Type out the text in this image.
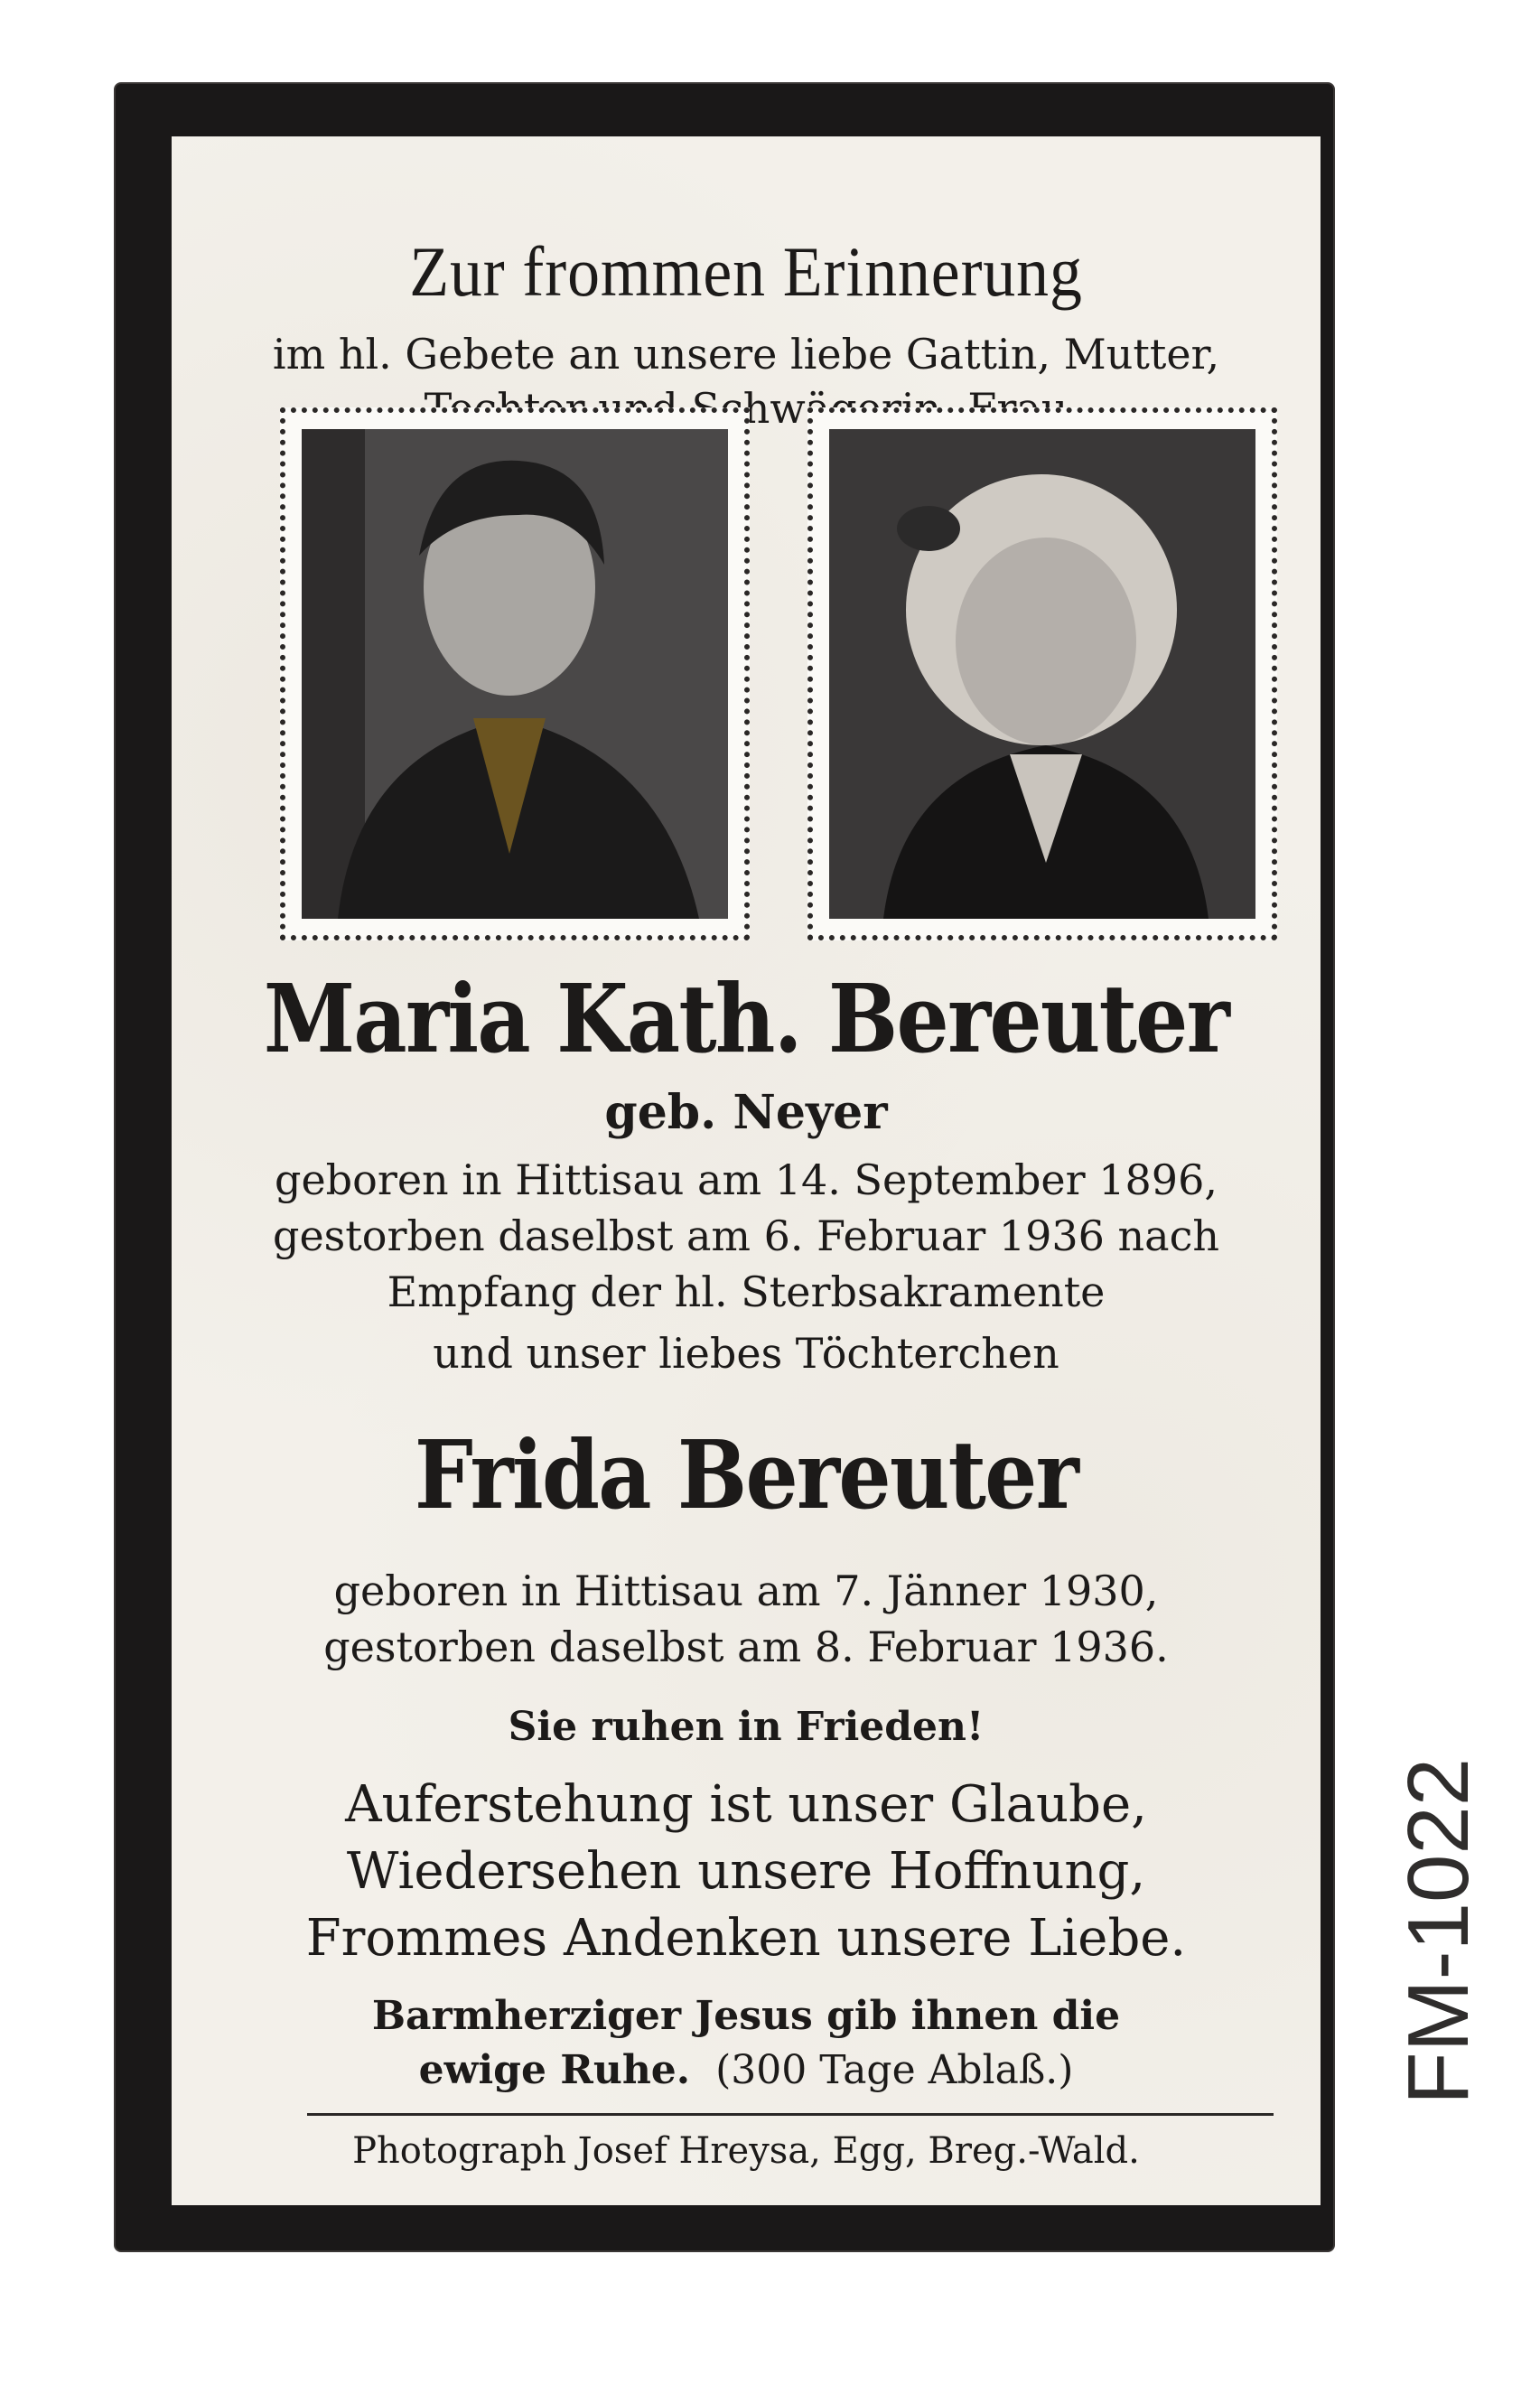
Zur frommen Erinnerung
im hl. Gebete an unsere liebe Gattin, Mutter,
Maria Kath. Bereuter
geb. Neyer
geboren in Hittisau am 14. September 1896,
gestorben daselbst am 6. Februar 1936 nach
Empfang der hl. Sterbsakramente
und unser liebes Töchterchen
Frida Bereuter
geboren in Hittisau am 7. Jänner 1930,
gestorben daselbst am 8. Februar 1936.
Sie ruhen in Frieden!
Auferstehung ist unser Glaube,
Wiedersehen unsere Hoffnung,
Frommes Andenken unsere Liebe.
Barmherziger Jesus gib ihnen die
ewige Ruhe. (300 Tage Ablaß.)
Photograph Josef Hreysa, Egg, Breg.-Wald.
FM-1022
